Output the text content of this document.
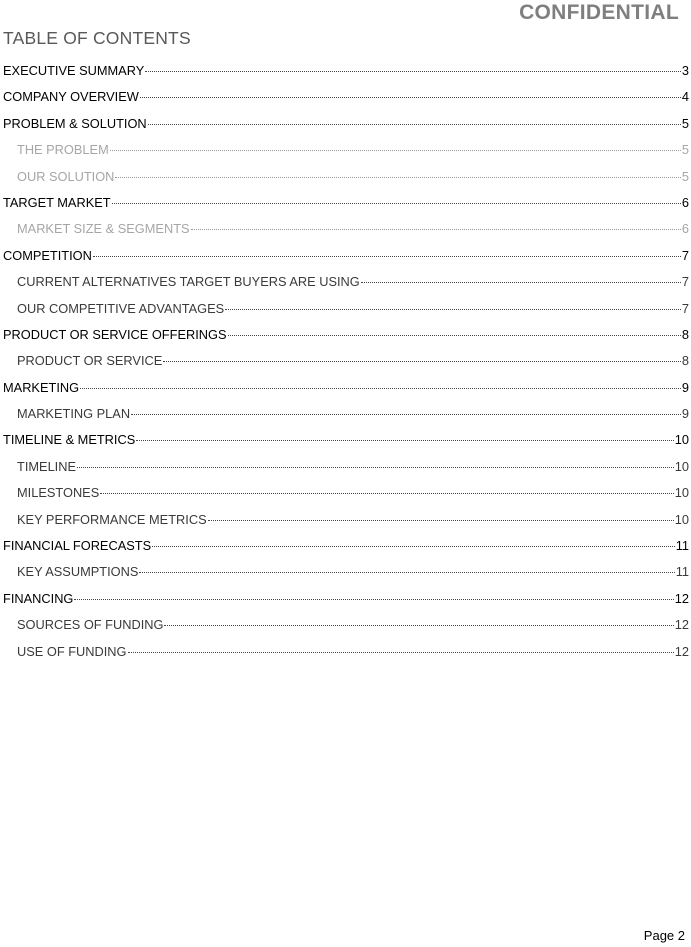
CONFIDENTIAL
TABLE OF CONTENTS
EXECUTIVE SUMMARY	3
COMPANY OVERVIEW	4
PROBLEM & SOLUTION	5
THE PROBLEM	5
OUR SOLUTION	5
TARGET MARKET	6
MARKET SIZE & SEGMENTS	6
COMPETITION	7
CURRENT ALTERNATIVES TARGET BUYERS ARE USING	7
OUR COMPETITIVE ADVANTAGES	7
PRODUCT OR SERVICE OFFERINGS	8
PRODUCT OR SERVICE	8
MARKETING	9
MARKETING PLAN	9
TIMELINE & METRICS	10
TIMELINE	10
MILESTONES	10
KEY PERFORMANCE METRICS	10
FINANCIAL FORECASTS	11
KEY ASSUMPTIONS	11
FINANCING	12
SOURCES OF FUNDING	12
USE OF FUNDING	12
Page 2
